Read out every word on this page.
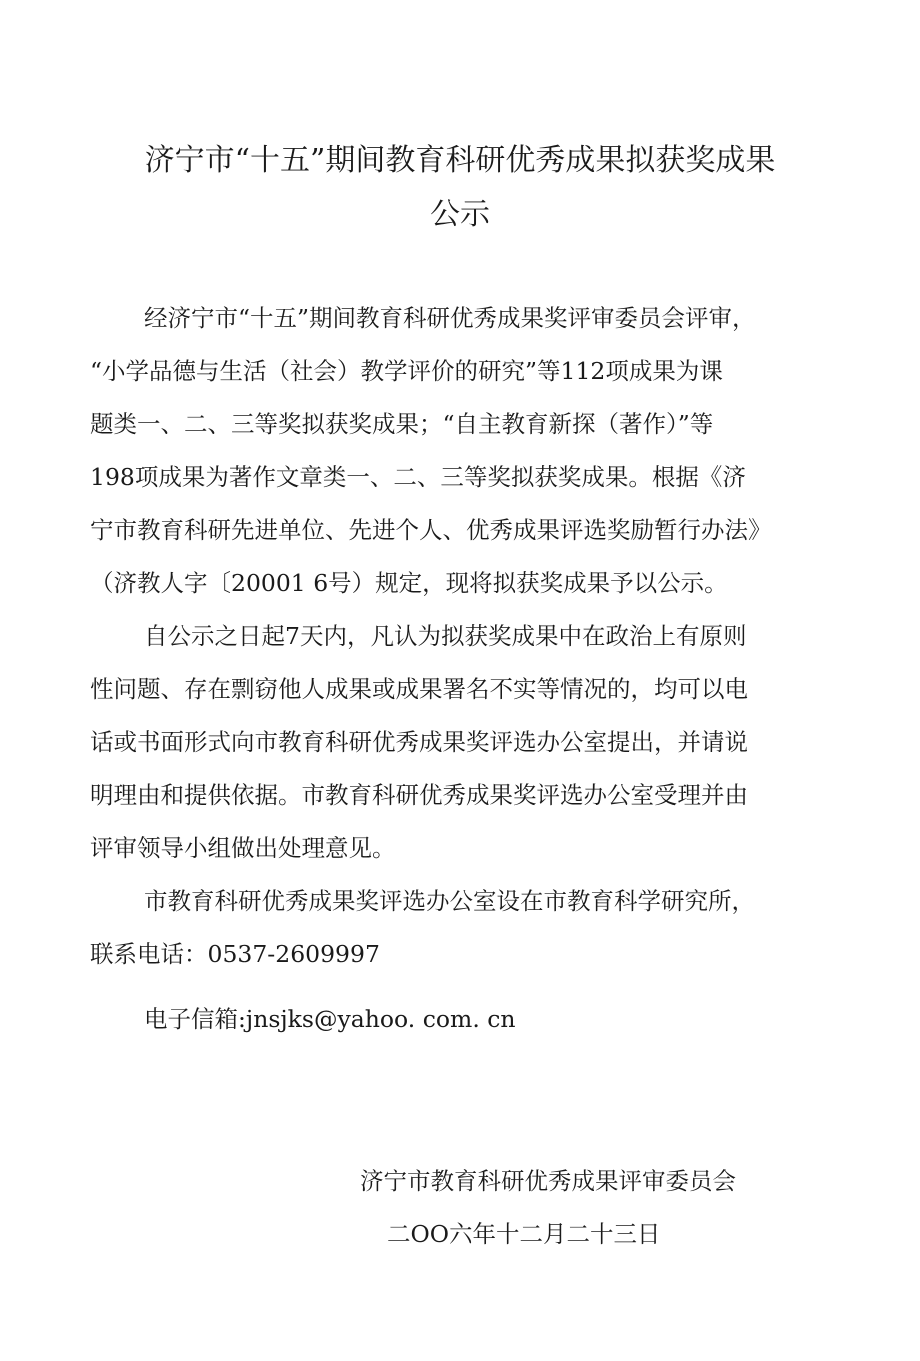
济宁市“十五”期间教育科研优秀成果拟获奖成果
公示
经济宁市“十五”期间教育科研优秀成果奖评审委员会评审，
“小学品德与生活（社会）教学评价的研究”等112项成果为课
题类一、二、三等奖拟获奖成果；“自主教育新探（著作）”等
198项成果为著作文章类一、二、三等奖拟获奖成果。根据《济
宁市教育科研先进单位、先进个人、优秀成果评选奖励暂行办法》
（济教人字〔20001 6号）规定，现将拟获奖成果予以公示。
自公示之日起7天内，凡认为拟获奖成果中在政治上有原则
性问题、存在剽窃他人成果或成果署名不实等情况的，均可以电
话或书面形式向市教育科研优秀成果奖评选办公室提出，并请说
明理由和提供依据。市教育科研优秀成果奖评选办公室受理并由
评审领导小组做出处理意见。
市教育科研优秀成果奖评选办公室设在市教育科学研究所，
联系电话：0537-2609997
电子信箱:jnsjks@yahoo. com. cn
济宁市教育科研优秀成果评审委员会
二OO六年十二月二十三日
